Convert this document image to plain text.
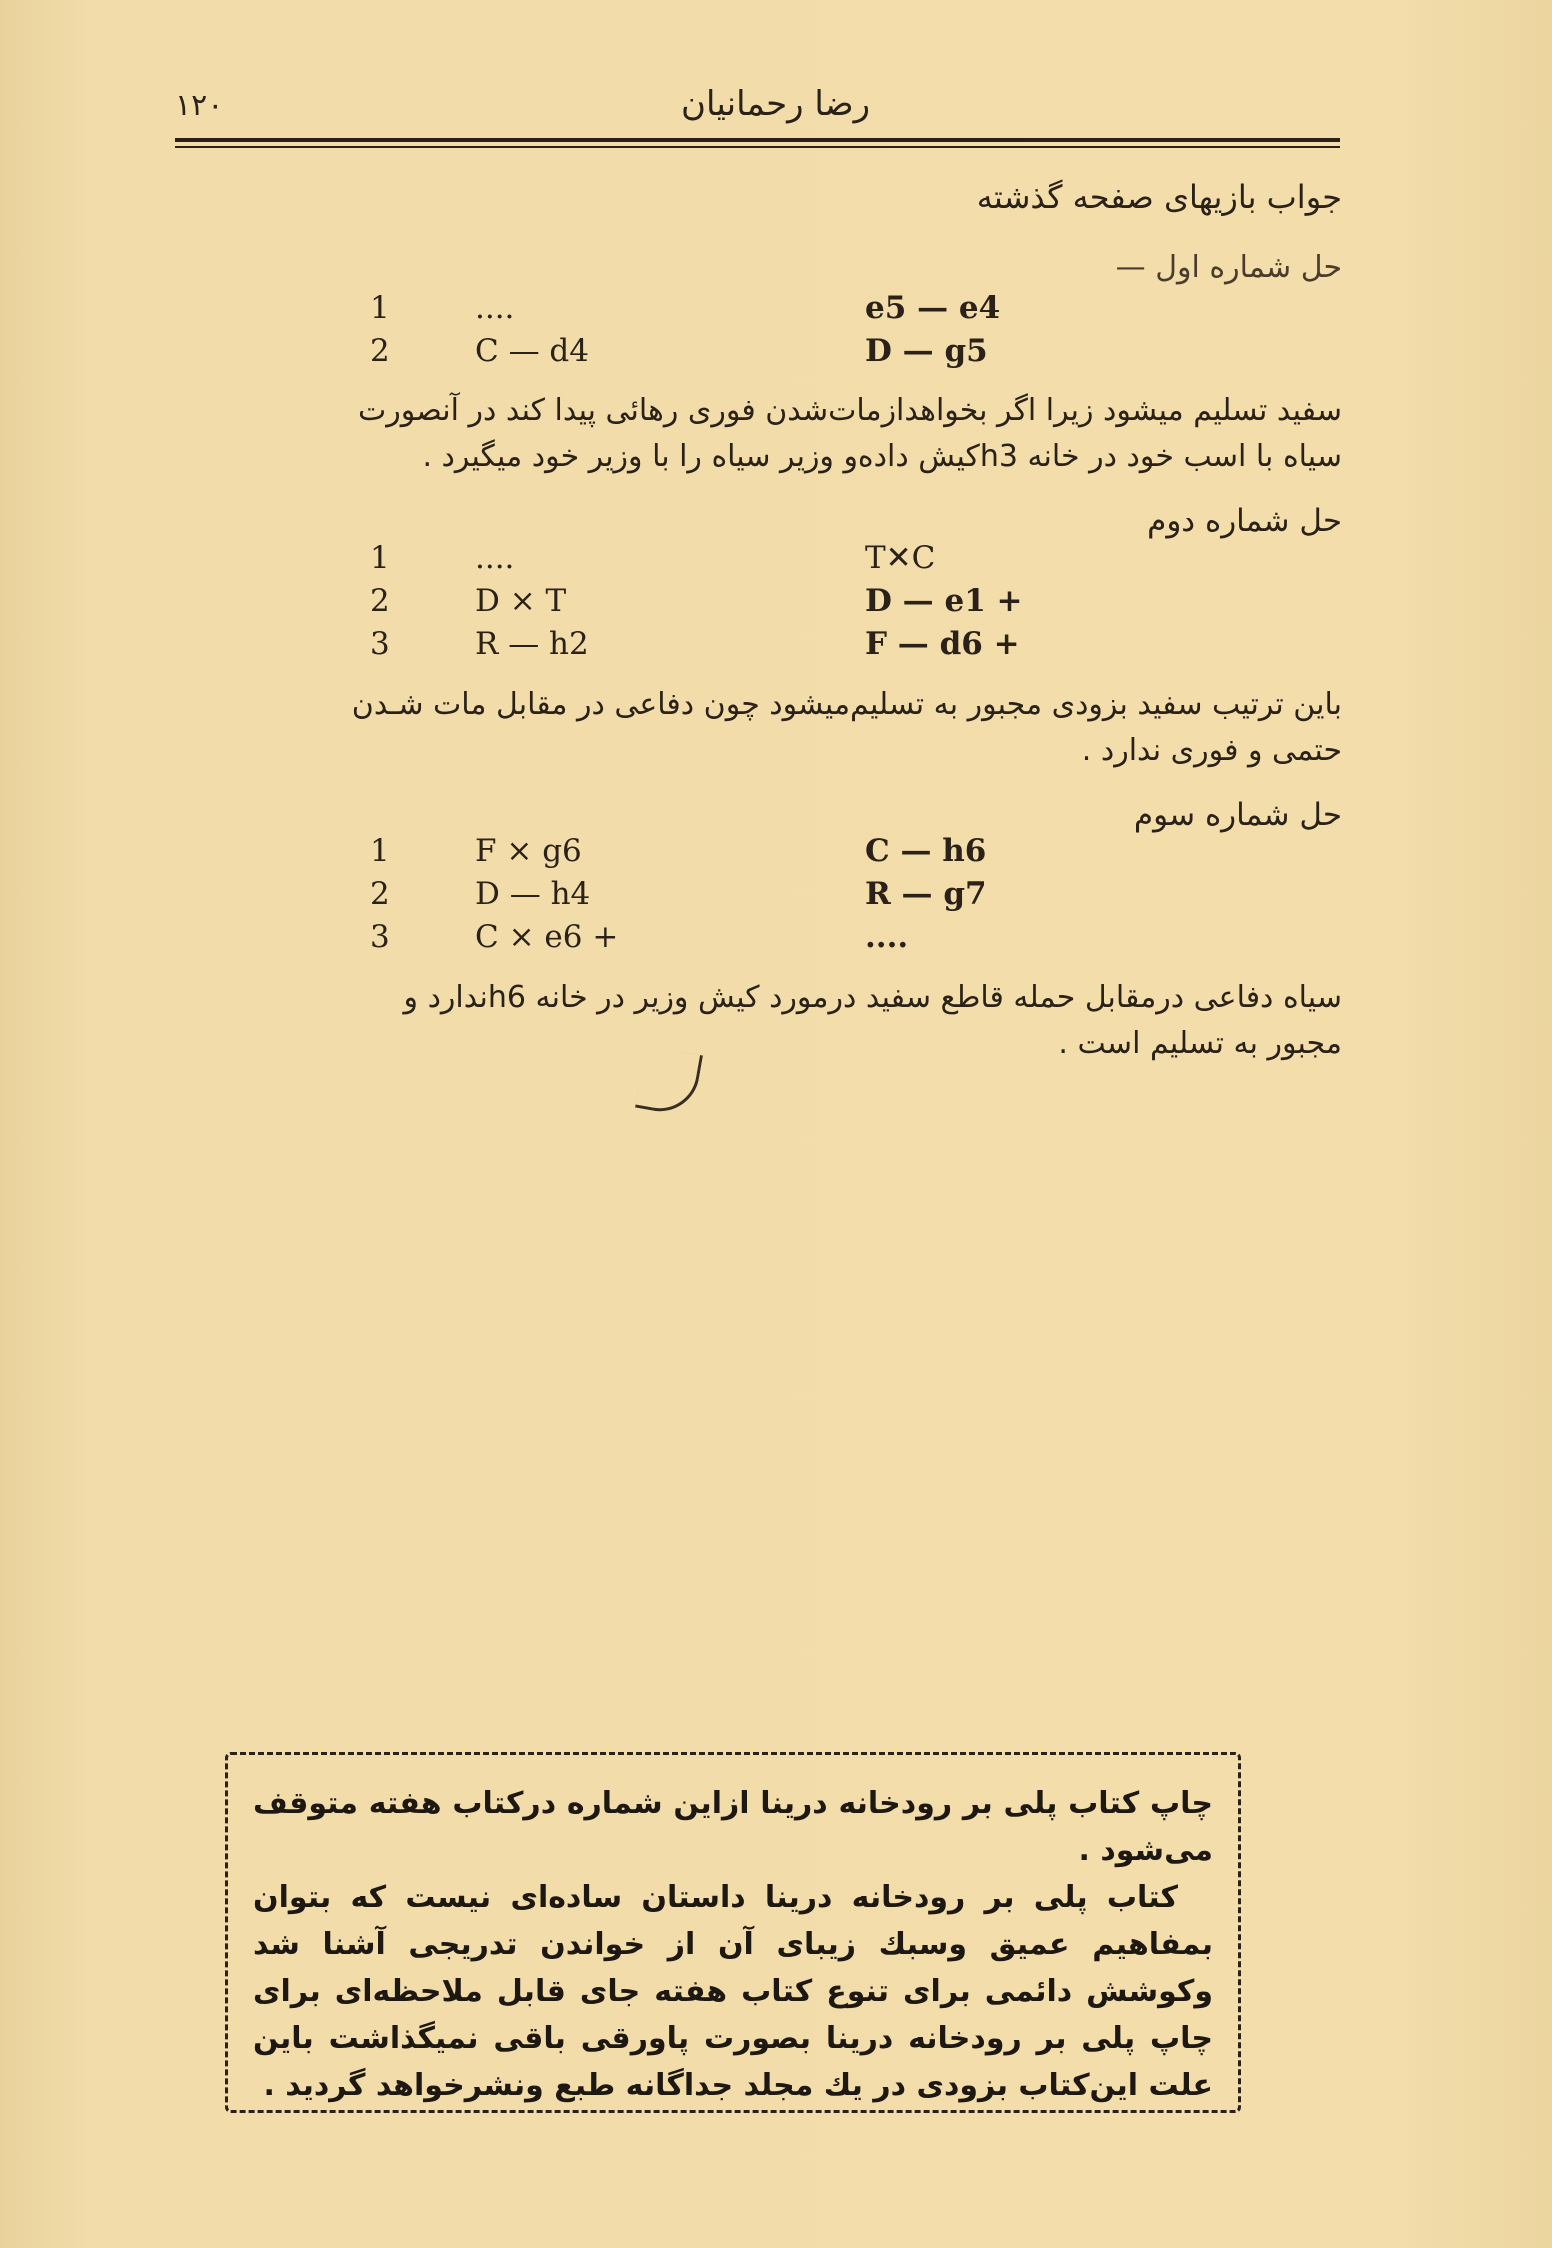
رضا رحمانیان
۱۲۰
جواب بازیهای صفحه گذشته
حل شماره اول —
1	....	e5 — e4
2	C — d4	D — g5
سفید تسلیم میشود زیرا اگر بخواهدازمات‌شدن فوری رهائی پیدا کند در آنصورت
سیاه با اسب خود در خانه h3کیش داده‌و وزیر سیاه را با وزیر خود میگیرد .
حل شماره دوم
1	....	T✕C
2	D × T	D — e1 +
3	R — h2	F — d6 +
باین ترتیب سفید بزودی مجبور به تسلیم‌میشود چون دفاعی در مقابل مات شـدن
حتمی و فوری ندارد .
حل شماره سوم
1	F × g6	C — h6
2	D — h4	R — g7
3	C × e6 +	....
سیاه دفاعی درمقابل حمله قاطع سفید درمورد کیش وزیر در خانه h6ندارد و
مجبور به تسلیم است .

چاپ کتاب پلی بر رودخانه درینا ازاین شماره درکتاب هفته متوقف می‌شود .

کتاب پلی بر رودخانه درینا داستان ساده‌ای نیست که بتوان بمفاهیم عمیق وسبك زیبای آن از خواندن تدریجی آشنا شد وکوشش دائمی برای تنوع کتاب هفته جای قابل ملاحظه‌ای برای چاپ پلی بر رودخانه درینا بصورت پاورقی باقی نمیگذاشت باین علت این‌کتاب بزودی در یك مجلد جداگانه طبع ونشرخواهد گردید .
